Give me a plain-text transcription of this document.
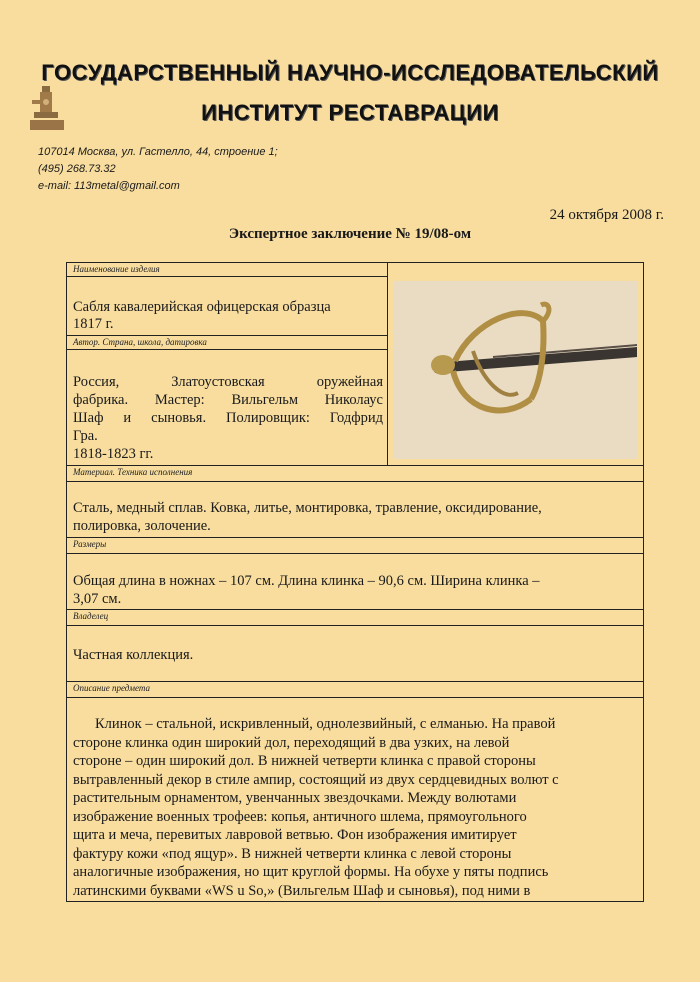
ГОСУДАРСТВЕННЫЙ НАУЧНО-ИССЛЕДОВАТЕЛЬСКИЙ
ИНСТИТУТ РЕСТАВРАЦИИ
107014 Москва, ул. Гастелло, 44, строение 1;
(495) 268.73.32
e-mail: 113metal@gmail.com
24 октября 2008 г.
Экспертное заключение № 19/08-ом
Наименование изделия
Сабля кавалерийская офицерская образца
1817 г.
Автор. Страна, школа, датировка
Россия, Златоустовская оружейная
фабрика. Мастер: Вильгельм Николаус
Шаф и сыновья. Полировщик: Годфрид
Гра.
1818-1823 гг.
Материал. Техника исполнения
Сталь, медный сплав. Ковка, литье, монтировка, травление, оксидирование,
полировка, золочение.
Размеры
Общая длина в ножнах – 107 см. Длина клинка – 90,6 см. Ширина клинка –
3,07 см.
Владелец
Частная коллекция.
Описание предмета
Клинок – стальной, искривленный, однолезвийный, с елманью. На правой
стороне клинка один широкий дол, переходящий в два узких, на левой
стороне – один широкий дол. В нижней четверти клинка с правой стороны
вытравленный декор в стиле ампир, состоящий из двух сердцевидных волют с
растительным орнаментом, увенчанных звездочками. Между волютами
изображение военных трофеев: копья, античного шлема, прямоугольного
щита и меча, перевитых лавровой ветвью. Фон изображения имитирует
фактуру кожи «под ящур». В нижней четверти клинка с левой стороны
аналогичные изображения, но щит круглой формы. На обухе у пяты подпись
латинскими буквами «WS u So,» (Вильгельм Шаф и сыновья), под ними в
